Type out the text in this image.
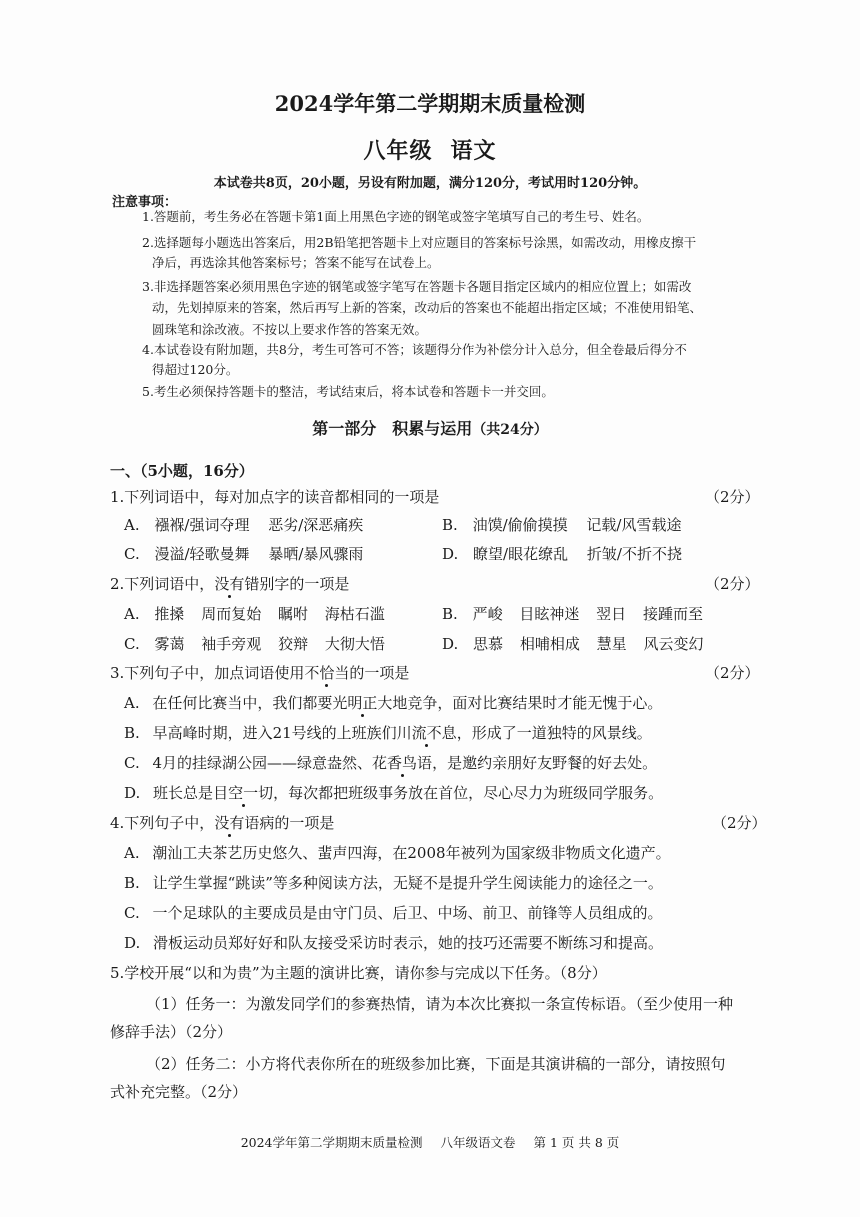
2024学年第二学期期末质量检测
八年级 语文
本试卷共8页，20小题，另设有附加题，满分120分，考试用时120分钟。
注意事项：
1.答题前，考生务必在答题卡第1面上用黑色字迹的钢笔或签字笔填写自己的考生号、姓名。
2.选择题每小题选出答案后，用2B铅笔把答题卡上对应题目的答案标号涂黑，如需改动，用橡皮擦干
净后，再选涂其他答案标号；答案不能写在试卷上。
3.非选择题答案必须用黑色字迹的钢笔或签字笔写在答题卡各题目指定区域内的相应位置上；如需改
动，先划掉原来的答案，然后再写上新的答案，改动后的答案也不能超出指定区域；不准使用铅笔、
圆珠笔和涂改液。不按以上要求作答的答案无效。
4.本试卷设有附加题，共8分，考生可答可不答；该题得分作为补偿分计入总分，但全卷最后得分不
得超过120分。
5.考生必须保持答题卡的整洁，考试结束后，将本试卷和答题卡一并交回。
第一部分　积累与运用（共24分）
一、（5小题，16分）
1.下列词语中，每对加点字的读音都相同的一项是	（2分）
A. 襁褓/强词夺理 恶劣/深恶痛疾	B. 油馍/偷偷摸摸 记载/风雪载途
C. 漫溢/轻歌曼舞 暴晒/暴风骤雨	D. 瞭望/眼花缭乱 折皱/不折不挠
2.下列词语中，没有错别字的一项是	（2分）
A. 推搡 周而复始 瞩咐 海枯石滥	B. 严峻 目眩神迷 翌日 接踵而至
C. 雾蔼 袖手旁观 狡辩 大彻大悟	D. 思慕 相哺相成 慧星 风云变幻
3.下列句子中，加点词语使用不恰当的一项是	（2分）
A. 在任何比赛当中，我们都要光明正大地竞争，面对比赛结果时才能无愧于心。
B. 早高峰时期，进入21号线的上班族们川流不息，形成了一道独特的风景线。
C. 4月的挂绿湖公园——绿意盎然、花香鸟语，是邀约亲朋好友野餐的好去处。
D. 班长总是目空一切，每次都把班级事务放在首位，尽心尽力为班级同学服务。
4.下列句子中，没有语病的一项是	（2分）
A. 潮汕工夫茶艺历史悠久、蜚声四海，在2008年被列为国家级非物质文化遗产。
B. 让学生掌握“跳读”等多种阅读方法，无疑不是提升学生阅读能力的途径之一。
C. 一个足球队的主要成员是由守门员、后卫、中场、前卫、前锋等人员组成的。
D. 滑板运动员郑好好和队友接受采访时表示，她的技巧还需要不断练习和提高。
5.学校开展“以和为贵”为主题的演讲比赛，请你参与完成以下任务。（8分）
（1）任务一：为激发同学们的参赛热情，请为本次比赛拟一条宣传标语。（至少使用一种
修辞手法）（2分）
（2）任务二：小方将代表你所在的班级参加比赛，下面是其演讲稿的一部分，请按照句
式补充完整。（2分）
2024学年第二学期期末质量检测 八年级语文卷 第 1 页 共 8 页
